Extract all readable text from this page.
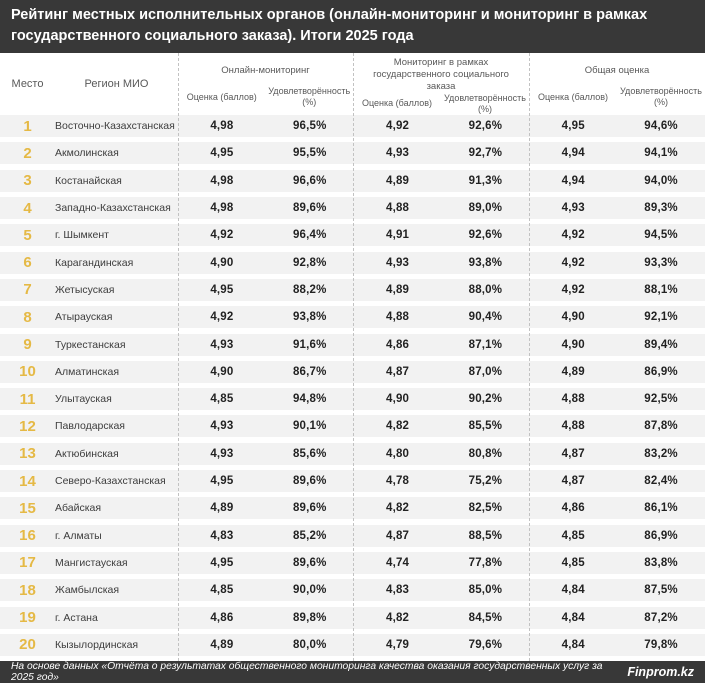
Рейтинг местных исполнительных органов (онлайн-мониторинг и мониторинг в рамках государственного социального заказа). Итоги 2025 года
Место	Регион МИО
Онлайн-мониторинг
Оценка (баллов)
Удовлетворённость (%)
Мониторинг в рамках государственного социального заказа
Оценка (баллов)
Удовлетворённость (%)
Общая оценка
Оценка (баллов)
Удовлетворённость (%)
1	Восточно-Казахстанская	4,98	96,5%	4,92	92,6%	4,95	94,6%
2	Акмолинская	4,95	95,5%	4,93	92,7%	4,94	94,1%
3	Костанайская	4,98	96,6%	4,89	91,3%	4,94	94,0%
4	Западно-Казахстанская	4,98	89,6%	4,88	89,0%	4,93	89,3%
5	г. Шымкент	4,92	96,4%	4,91	92,6%	4,92	94,5%
6	Карагандинская	4,90	92,8%	4,93	93,8%	4,92	93,3%
7	Жетысуская	4,95	88,2%	4,89	88,0%	4,92	88,1%
8	Атырауская	4,92	93,8%	4,88	90,4%	4,90	92,1%
9	Туркестанская	4,93	91,6%	4,86	87,1%	4,90	89,4%
10	Алматинская	4,90	86,7%	4,87	87,0%	4,89	86,9%
11	Улытауская	4,85	94,8%	4,90	90,2%	4,88	92,5%
12	Павлодарская	4,93	90,1%	4,82	85,5%	4,88	87,8%
13	Актюбинская	4,93	85,6%	4,80	80,8%	4,87	83,2%
14	Северо-Казахстанская	4,95	89,6%	4,78	75,2%	4,87	82,4%
15	Абайская	4,89	89,6%	4,82	82,5%	4,86	86,1%
16	г. Алматы	4,83	85,2%	4,87	88,5%	4,85	86,9%
17	Мангистауская	4,95	89,6%	4,74	77,8%	4,85	83,8%
18	Жамбылская	4,85	90,0%	4,83	85,0%	4,84	87,5%
19	г. Астана	4,86	89,8%	4,82	84,5%	4,84	87,2%
20	Кызылординская	4,89	80,0%	4,79	79,6%	4,84	79,8%
На основе данных «Отчёта о результатах общественного мониторинга качества оказания государственных услуг за 2025 год»	Finprom.kz
